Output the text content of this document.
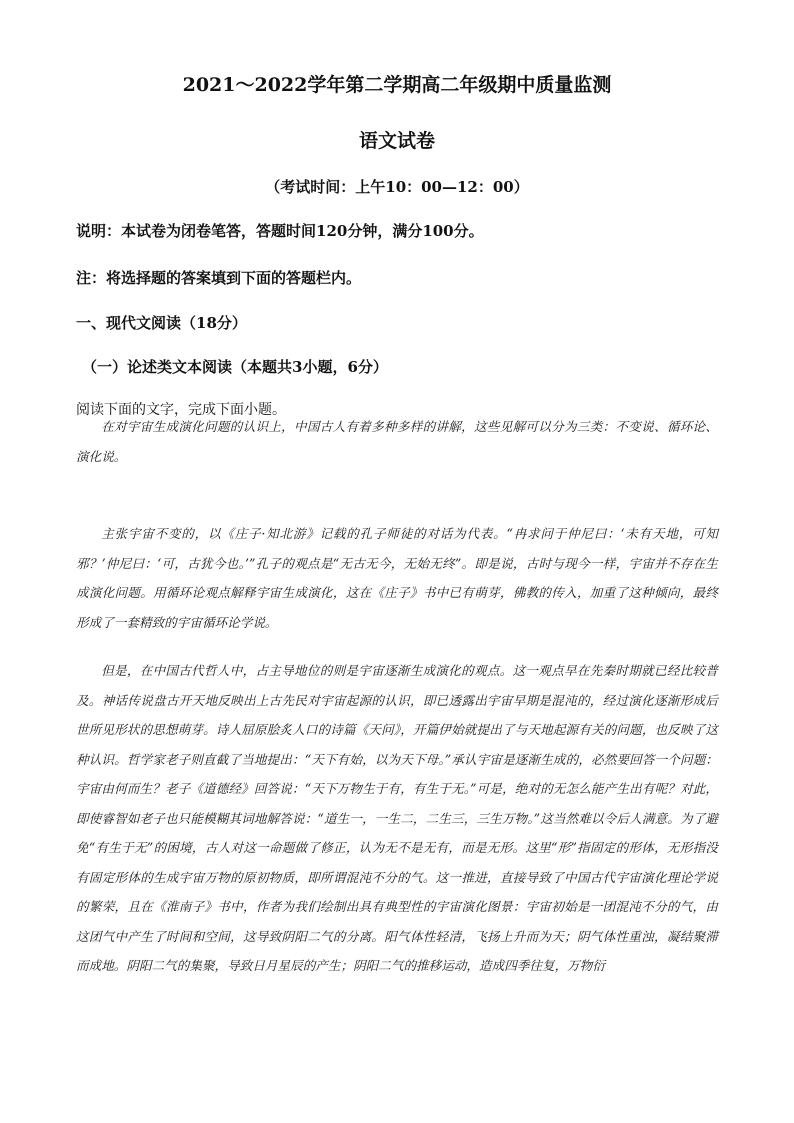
2021～2022学年第二学期高二年级期中质量监测
语文试卷
（考试时间：上午10：00—12：00）
说明：本试卷为闭卷笔答，答题时间120分钟，满分100分。
注：将选择题的答案填到下面的答题栏内。
一、现代文阅读（18分）
（一）论述类文本阅读（本题共3小题，6分）
阅读下面的文字，完成下面小题。

在对宇宙生成演化问题的认识上，中国古人有着多种多样的讲解，这些见解可以分为三类：不变说、循环论、演化说。

主张宇宙不变的，以《庄子·知北游》记载的孔子师徒的对话为代表。“冉求问于仲尼曰：‘未有天地，可知邪？’仲尼曰：‘可，古犹今也。’”孔子的观点是“无古无今，无始无终”。即是说，古时与现今一样，宇宙并不存在生成演化问题。用循环论观点解释宇宙生成演化，这在《庄子》书中已有萌芽，佛教的传入，加重了这种倾向，最终形成了一套精致的宇宙循环论学说。

但是，在中国古代哲人中，占主导地位的则是宇宙逐渐生成演化的观点。这一观点早在先秦时期就已经比较普及。神话传说盘古开天地反映出上古先民对宇宙起源的认识，即已透露出宇宙早期是混沌的，经过演化逐渐形成后世所见形状的思想萌芽。诗人屈原脍炙人口的诗篇《天问》，开篇伊始就提出了与天地起源有关的问题，也反映了这种认识。哲学家老子则直截了当地提出：“天下有始，以为天下母。”承认宇宙是逐渐生成的，必然要回答一个问题：宇宙由何而生？老子《道德经》回答说：“天下万物生于有，有生于无。”可是，绝对的无怎么能产生出有呢？对此，即使睿智如老子也只能模糊其词地解答说：“道生一，一生二，二生三，三生万物。”这当然难以令后人满意。为了避免“有生于无”的困境，古人对这一命题做了修正，认为无不是无有，而是无形。这里“形”指固定的形体，无形指没有固定形体的生成宇宙万物的原初物质，即所谓混沌不分的气。这一推进，直接导致了中国古代宇宙演化理论学说的繁荣，且在《淮南子》书中，作者为我们绘制出具有典型性的宇宙演化图景：宇宙初始是一团混沌不分的气，由这团气中产生了时间和空间，这导致阴阳二气的分离。阳气体性轻清，飞扬上升而为天；阴气体性重浊，凝结聚滞而成地。阴阳二气的集聚，导致日月星辰的产生；阴阳二气的推移运动，造成四季往复，万物衍
